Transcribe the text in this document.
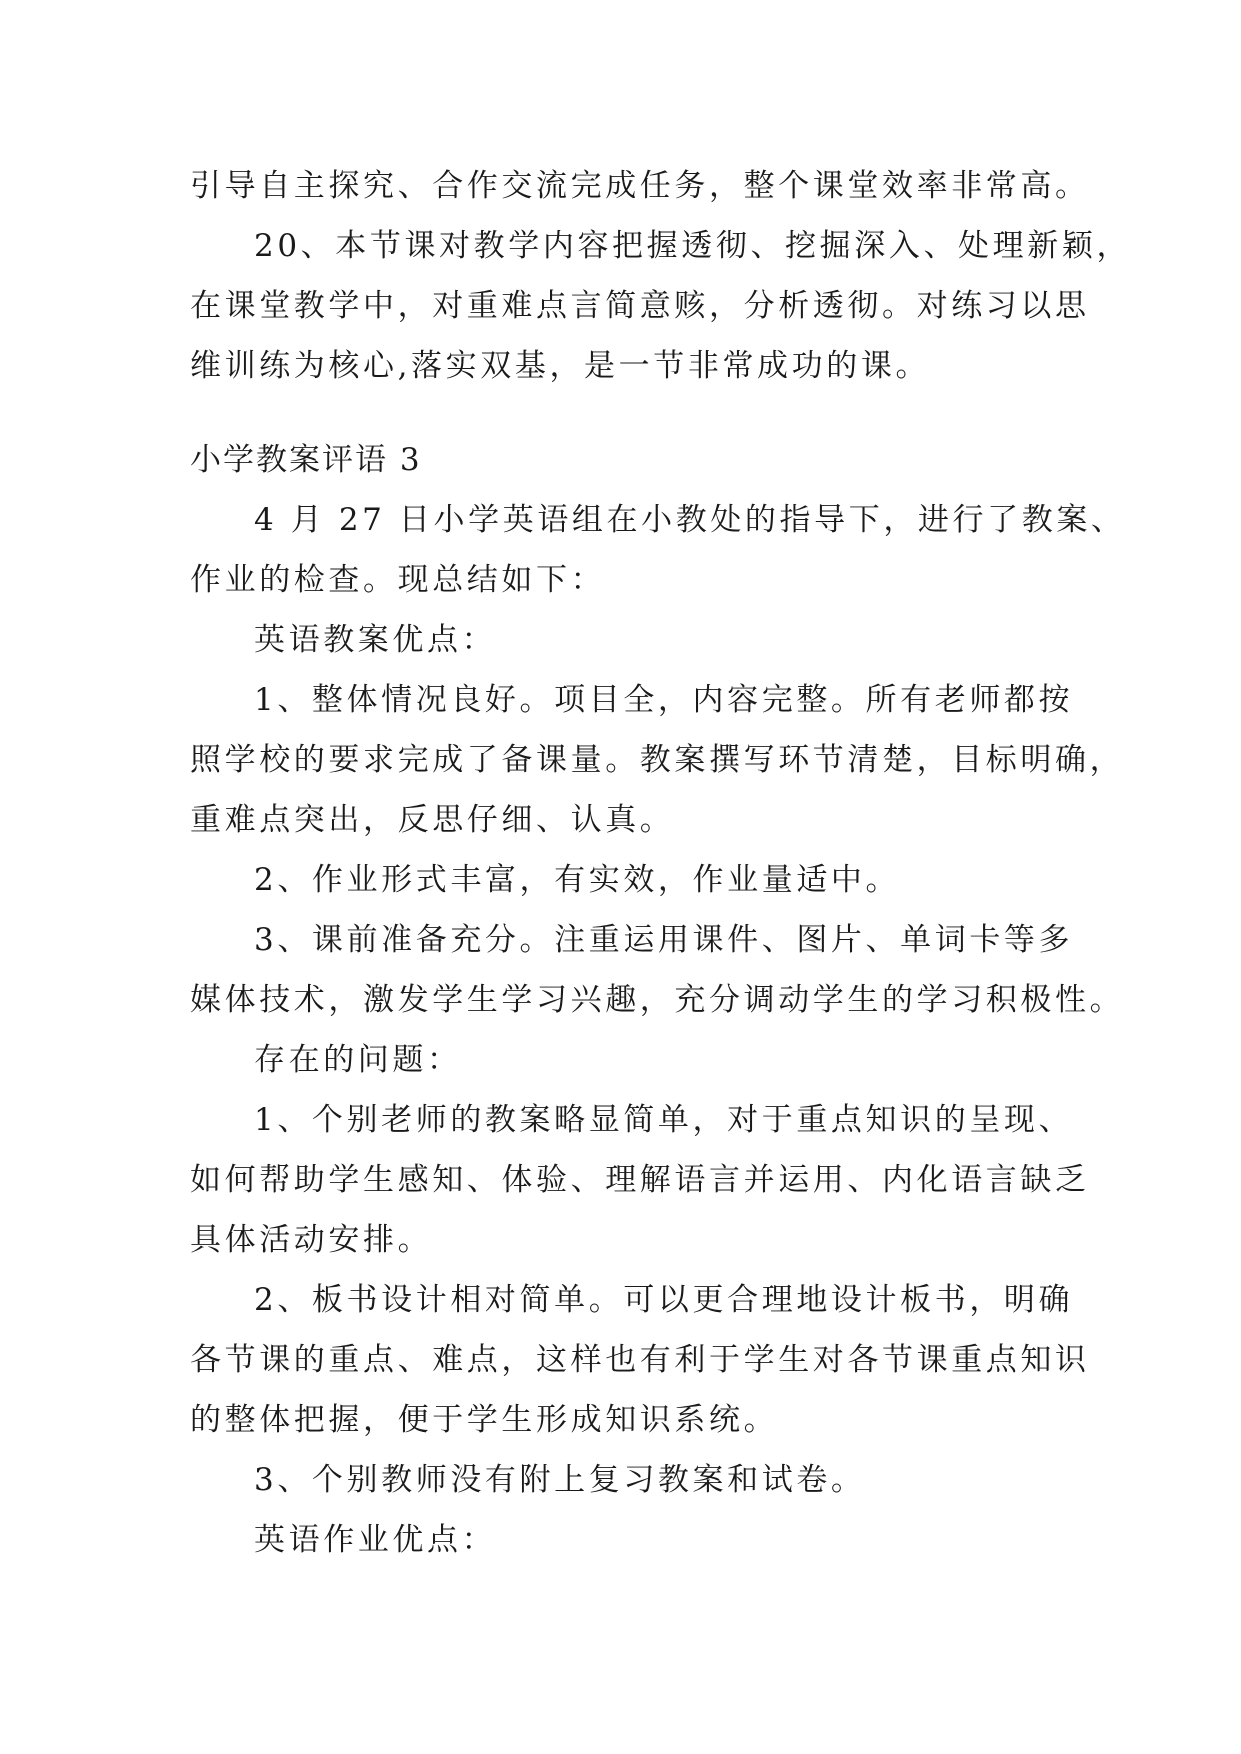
引导自主探究、合作交流完成任务，整个课堂效率非常高。
20、本节课对教学内容把握透彻、挖掘深入、处理新颖，
在课堂教学中，对重难点言简意赅，分析透彻。对练习以思
维训练为核心,落实双基，是一节非常成功的课。
小学教案评语 3
4 月 27 日小学英语组在小教处的指导下，进行了教案、
作业的检查。现总结如下：
英语教案优点：
1、整体情况良好。项目全，内容完整。所有老师都按
照学校的要求完成了备课量。教案撰写环节清楚，目标明确，
重难点突出，反思仔细、认真。
2、作业形式丰富，有实效，作业量适中。
3、课前准备充分。注重运用课件、图片、单词卡等多
媒体技术，激发学生学习兴趣，充分调动学生的学习积极性。
存在的问题：
1、个别老师的教案略显简单，对于重点知识的呈现、
如何帮助学生感知、体验、理解语言并运用、内化语言缺乏
具体活动安排。
2、板书设计相对简单。可以更合理地设计板书，明确
各节课的重点、难点，这样也有利于学生对各节课重点知识
的整体把握，便于学生形成知识系统。
3、个别教师没有附上复习教案和试卷。
英语作业优点：
